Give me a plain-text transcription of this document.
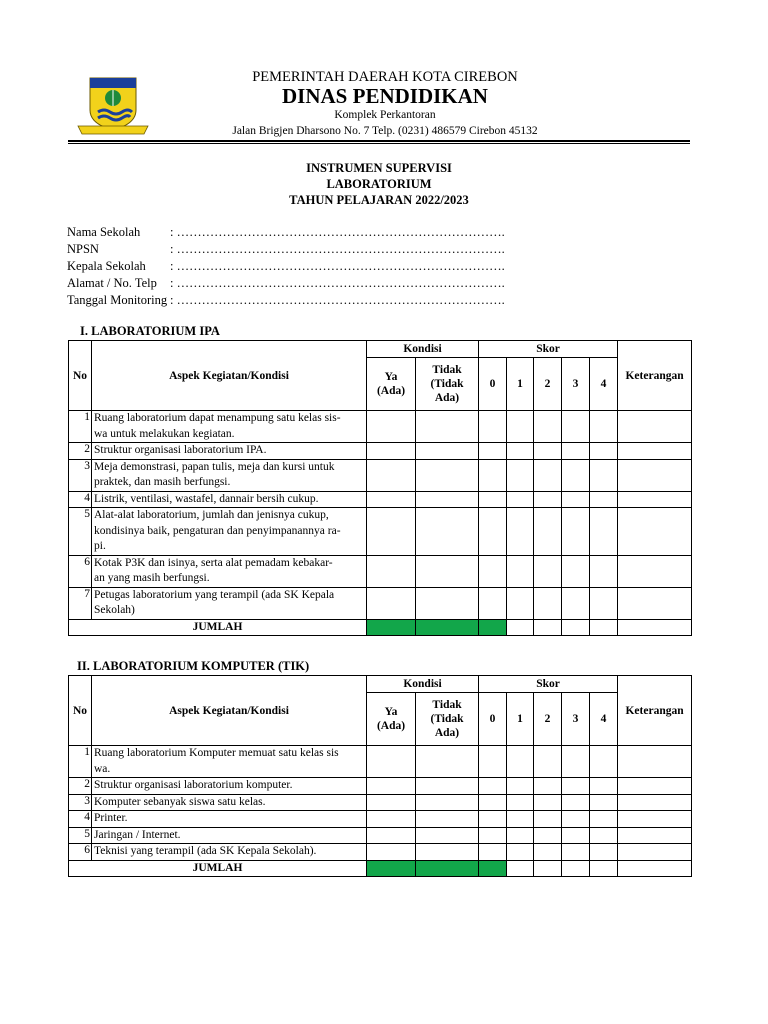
PEMERINTAH DAERAH KOTA CIREBON
DINAS PENDIDIKAN
Komplek Perkantoran
Jalan Brigjen Dharsono No. 7 Telp. (0231) 486579 Cirebon 45132
INSTRUMEN SUPERVISI
LABORATORIUM
TAHUN PELAJARAN 2022/2023
Nama Sekolah : …………………………………………………………………….
NPSN	: …………………………………………………………………….
Kepala Sekolah : …………………………………………………………………….
Alamat / No. Telp : …………………………………………………………………….
Tanggal Monitoring : …………………………………………………………………….
I. LABORATORIUM IPA
No	Aspek Kegiatan/Kondisi	Kondisi		Skor					Keterangan
		Ya (Ada)	Tidak (Tidak Ada)	0	1	2	3	4	
1	Ruang laboratorium dapat menampung satu kelas sis-								
	wa untuk melakukan kegiatan.								
2	Struktur organisasi laboratorium IPA.								
3	Meja demonstrasi, papan tulis, meja dan kursi untuk								
	praktek, dan masih berfungsi.								
4	Listrik, ventilasi, wastafel, dannair bersih cukup.								
5	Alat-alat laboratorium, jumlah dan jenisnya cukup,								
	kondisinya baik, pengaturan dan penyimpanannya ra-								
	pi.								
6	Kotak P3K dan isinya, serta alat pemadam kebakar-								
	an yang masih berfungsi.								
7	Petugas laboratorium yang terampil (ada SK Kepala								
	Sekolah)								
JUMLAH									
II. LABORATORIUM KOMPUTER (TIK)
No	Aspek Kegiatan/Kondisi	Kondisi		Skor					Keterangan
		Ya (Ada)	Tidak (Tidak Ada)	0	1	2	3	4	
1	Ruang laboratorium Komputer memuat satu kelas sis								
	wa.								
2	Struktur organisasi laboratorium komputer.								
3	Komputer sebanyak siswa satu kelas.								
4	Printer.								
5	Jaringan / Internet.								
6	Teknisi yang terampil (ada SK Kepala Sekolah).								
JUMLAH									
